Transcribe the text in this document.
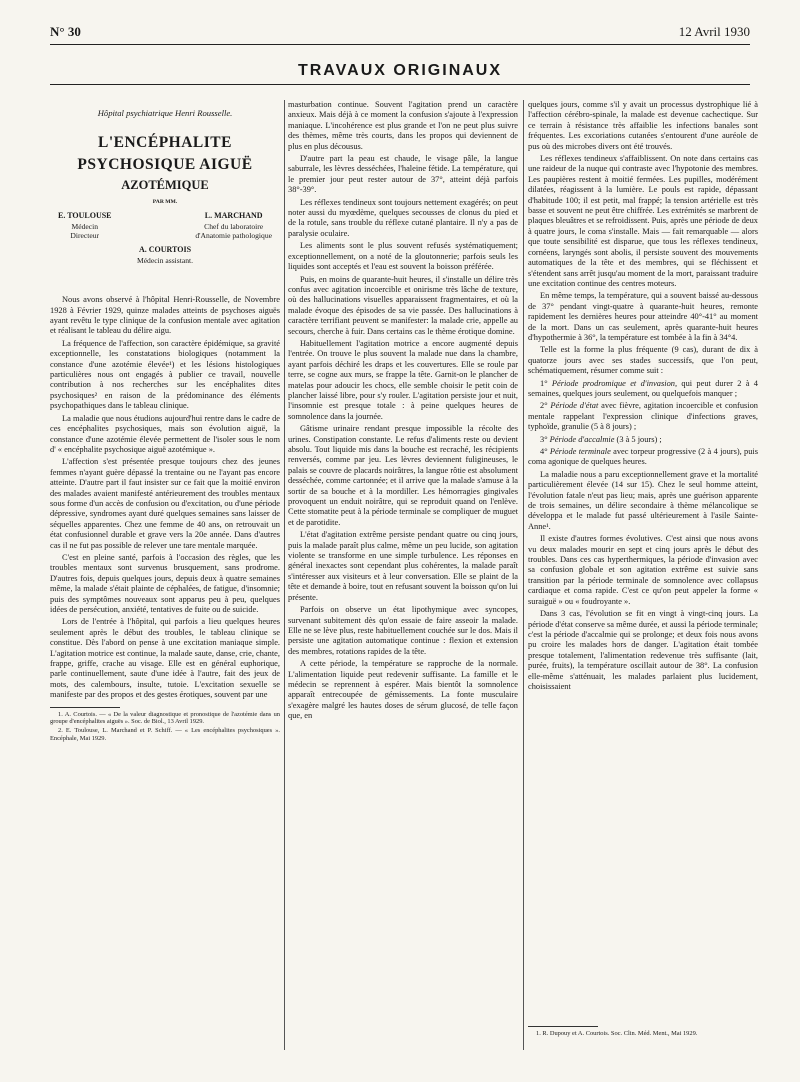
N° 30	12 Avril 1930
TRAVAUX ORIGINAUX

Hôpital psychiatrique Henri Rousselle.

L'ENCÉPHALITE

PSYCHOSIQUE AIGUË

AZOTÉMIQUE

PAR MM.

E. TOULOUSE
Médecin
Directeur
L. MARCHAND
Chef du laboratoire
d'Anatomie pathologique
A. COURTOIS
Médecin assistant.

Nous avons observé à l'hôpital Henri-Rousselle, de Novembre 1928 à Février 1929, quinze malades atteints de psychoses aiguës ayant revêtu le type clinique de la confusion mentale avec agitation et réalisant le tableau du délire aigu.

La fréquence de l'affection, son caractère épidémique, sa gravité exceptionnelle, les constatations biologiques (notamment la constance d'une azotémie élevée¹) et les lésions histologiques particulières nous ont engagés à publier ce travail, nouvelle contribution à nos recherches sur les encéphalites dites psychosiques² en raison de la prédominance des éléments psychopathiques dans le tableau clinique.

La maladie que nous étudions aujourd'hui rentre dans le cadre de ces encéphalites psychosiques, mais son évolution aiguë, la constance d'une azotémie élevée permettent de l'isoler sous le nom d' « encéphalite psychosique aiguë azotémique ».

L'affection s'est présentée presque toujours chez des jeunes femmes n'ayant guère dépassé la trentaine ou ne l'ayant pas encore atteinte. D'autre part il faut insister sur ce fait que la moitié environ des malades avaient manifesté antérieurement des troubles mentaux sous forme d'un accès de confusion ou d'excitation, ou d'une période dépressive, syndromes ayant duré quelques semaines sans laisser de séquelles apparentes. Chez une femme de 40 ans, on retrouvait un état confusionnel durable et grave vers la 20e année. Dans d'autres cas il ne fut pas possible de relever une tare mentale marquée.

C'est en pleine santé, parfois à l'occasion des règles, que les troubles mentaux sont survenus brusquement, sans prodrome. D'autres fois, depuis quelques jours, depuis deux à quatre semaines même, la malade s'était plainte de céphalées, de fatigue, d'insomnie; puis des symptômes nouveaux sont apparus peu à peu, quelques idées de persécution, anxiété, tentatives de fuite ou de suicide.

Lors de l'entrée à l'hôpital, qui parfois a lieu quelques heures seulement après le début des troubles, le tableau clinique se constitue. Dès l'abord on pense à une excitation maniaque simple. L'agitation motrice est continue, la malade saute, danse, crie, chante, frappe, griffe, crache au visage. Elle est en général euphorique, parle continuellement, saute d'une idée à l'autre, fait des jeux de mots, des calembours, insulte, tutoie. L'excitation sexuelle se manifeste par des propos et des gestes érotiques, souvent par une

1. A. Courtois. — « De la valeur diagnostique et pronostique de l'azotémie dans un groupe d'encéphalites aiguës ». Soc. de Biol., 13 Avril 1929.

2. E. Toulouse, L. Marchand et P. Schiff. — « Les encéphalites psychosiques ». Encéphale, Mai 1929.

masturbation continue. Souvent l'agitation prend un caractère anxieux. Mais déjà à ce moment la confusion s'ajoute à l'expression maniaque. L'incohérence est plus grande et l'on ne peut plus suivre des thèmes, même très courts, dans les propos qui deviennent de plus en plus décousus.

D'autre part la peau est chaude, le visage pâle, la langue saburrale, les lèvres desséchées, l'haleine fétide. La température, qui le premier jour peut rester autour de 37°, atteint déjà parfois 38°-39°.

Les réflexes tendineux sont toujours nettement exagérés; on peut noter aussi du myœdème, quelques secousses de clonus du pied et de la rotule, sans trouble du réflexe cutané plantaire. Il n'y a pas de paralysie oculaire.

Les aliments sont le plus souvent refusés systématiquement; exceptionnellement, on a noté de la gloutonnerie; parfois seuls les liquides sont acceptés et l'eau est souvent la boisson préférée.

Puis, en moins de quarante-huit heures, il s'installe un délire très confus avec agitation incoercible et onirisme très lâche de texture, où des hallucinations visuelles apparaissent fragmentaires, et où la malade évoque des épisodes de sa vie passée. Des hallucinations à caractère terrifiant peuvent se manifester: la malade crie, appelle au secours, cherche à fuir. Dans certains cas le thème érotique domine.

Habituellement l'agitation motrice a encore augmenté depuis l'entrée. On trouve le plus souvent la malade nue dans la chambre, ayant parfois déchiré les draps et les couvertures. Elle se roule par terre, se cogne aux murs, se frappe la tête. Garnit-on le plancher de matelas pour adoucir les chocs, elle semble choisir le petit coin de plancher laissé libre, pour s'y rouler. L'agitation persiste jour et nuit, l'insomnie est presque totale : à peine quelques heures de somnolence dans la journée.

Gâtisme urinaire rendant presque impossible la récolte des urines. Constipation constante. Le refus d'aliments reste ou devient absolu. Tout liquide mis dans la bouche est recraché, les récipients renversés, comme par jeu. Les lèvres deviennent fuligineuses, le palais se couvre de placards noirâtres, la langue rôtie est absolument desséchée, comme cartonnée; et il arrive que la malade s'amuse à la sortir de sa bouche et à la mordiller. Les hémorragies gingivales provoquent un enduit noirâtre, qui se reproduit quand on l'enlève. Cette stomatite peut à la période terminale se compliquer de muguet et de parotidite.

L'état d'agitation extrême persiste pendant quatre ou cinq jours, puis la malade paraît plus calme, même un peu lucide, son agitation violente se transforme en une simple turbulence. Les réponses en général inexactes sont cependant plus cohérentes, la malade paraît s'intéresser aux visiteurs et à leur conversation. Elle se plaint de la tête et demande à boire, tout en refusant souvent la boisson qu'on lui présente.

Parfois on observe un état lipothymique avec syncopes, survenant subitement dès qu'on essaie de faire asseoir la malade. Elle ne se lève plus, reste habituellement couchée sur le dos. Mais il persiste une agitation automatique continue : flexion et extension des membres, rotations rapides de la tête.

A cette période, la température se rapproche de la normale. L'alimentation liquide peut redevenir suffisante. La famille et le médecin se reprennent à espérer. Mais bientôt la somnolence apparaît entrecoupée de gémissements. La fonte musculaire s'exagère malgré les hautes doses de sérum glucosé, de telle façon que, en

quelques jours, comme s'il y avait un processus dystrophique lié à l'affection cérébro-spinale, la malade est devenue cachectique. Sur ce terrain à résistance très affaiblie les infections banales sont fréquentes. Les excoriations cutanées s'entourent d'une auréole de pus où des microbes divers ont été trouvés.

Les réflexes tendineux s'affaiblissent. On note dans certains cas une raideur de la nuque qui contraste avec l'hypotonie des membres. Les paupières restent à moitié fermées. Les pupilles, modérément dilatées, réagissent à la lumière. Le pouls est rapide, dépassant d'habitude 100; il est petit, mal frappé; la tension artérielle est très basse et souvent ne peut être chiffrée. Les extrémités se marbrent de plaques bleuâtres et se refroidissent. Puis, après une période de deux à quatre jours, le coma s'installe. Mais — fait remarquable — alors que toute sensibilité est disparue, que tous les réflexes tendineux, cornéens, laryngés sont abolis, il persiste souvent des mouvements automatiques de la tête et des membres, qui se fléchissent et s'étendent sans arrêt jusqu'au moment de la mort, paraissant traduire une excitation continue des centres moteurs.

En même temps, la température, qui a souvent baissé au-dessous de 37° pendant vingt-quatre à quarante-huit heures, remonte rapidement les dernières heures pour atteindre 40°-41° au moment de la mort. Dans un cas seulement, après quarante-huit heures d'hypothermie à 36°, la température est tombée à la fin à 34°4.

Telle est la forme la plus fréquente (9 cas), durant de dix à quatorze jours avec ses stades successifs, que l'on peut, schématiquement, résumer comme suit :

1° Période prodromique et d'invasion, qui peut durer 2 à 4 semaines, quelques jours seulement, ou quelquefois manquer ;

2° Période d'état avec fièvre, agitation incoercible et confusion mentale rappelant l'expression clinique d'infections graves, typhoïde, granulie (5 à 8 jours) ;

3° Période d'accalmie (3 à 5 jours) ;

4° Période terminale avec torpeur progressive (2 à 4 jours), puis coma agonique de quelques heures.

La maladie nous a paru exceptionnellement grave et la mortalité particulièrement élevée (14 sur 15). Chez le seul homme atteint, l'évolution fatale n'eut pas lieu; mais, après une guérison apparente de trois semaines, un délire secondaire à thème mélancolique se développa et le malade fut passé ultérieurement à l'asile Sainte-Anne¹.

Il existe d'autres formes évolutives. C'est ainsi que nous avons vu deux malades mourir en sept et cinq jours après le début des troubles. Dans ces cas hyperthermiques, la période d'invasion avec sa confusion globale et son agitation extrême est suivie sans transition par la période terminale de somnolence avec collapsus cardiaque et coma rapide. C'est ce qu'on peut appeler la forme « suraiguë » ou « foudroyante ».

Dans 3 cas, l'évolution se fit en vingt à vingt-cinq jours. La période d'état conserve sa même durée, et aussi la période terminale; c'est la période d'accalmie qui se prolonge; et deux fois nous avons pu croire les malades hors de danger. L'agitation était tombée presque totalement, l'alimentation redevenue très suffisante (lait, purée, fruits), la température oscillait autour de 38°. La confusion elle-même s'atténuait, les malades parlaient plus lucidement, choisissaient

1. R. Dupouy et A. Courtois. Soc. Clin. Méd. Ment., Mai 1929.
